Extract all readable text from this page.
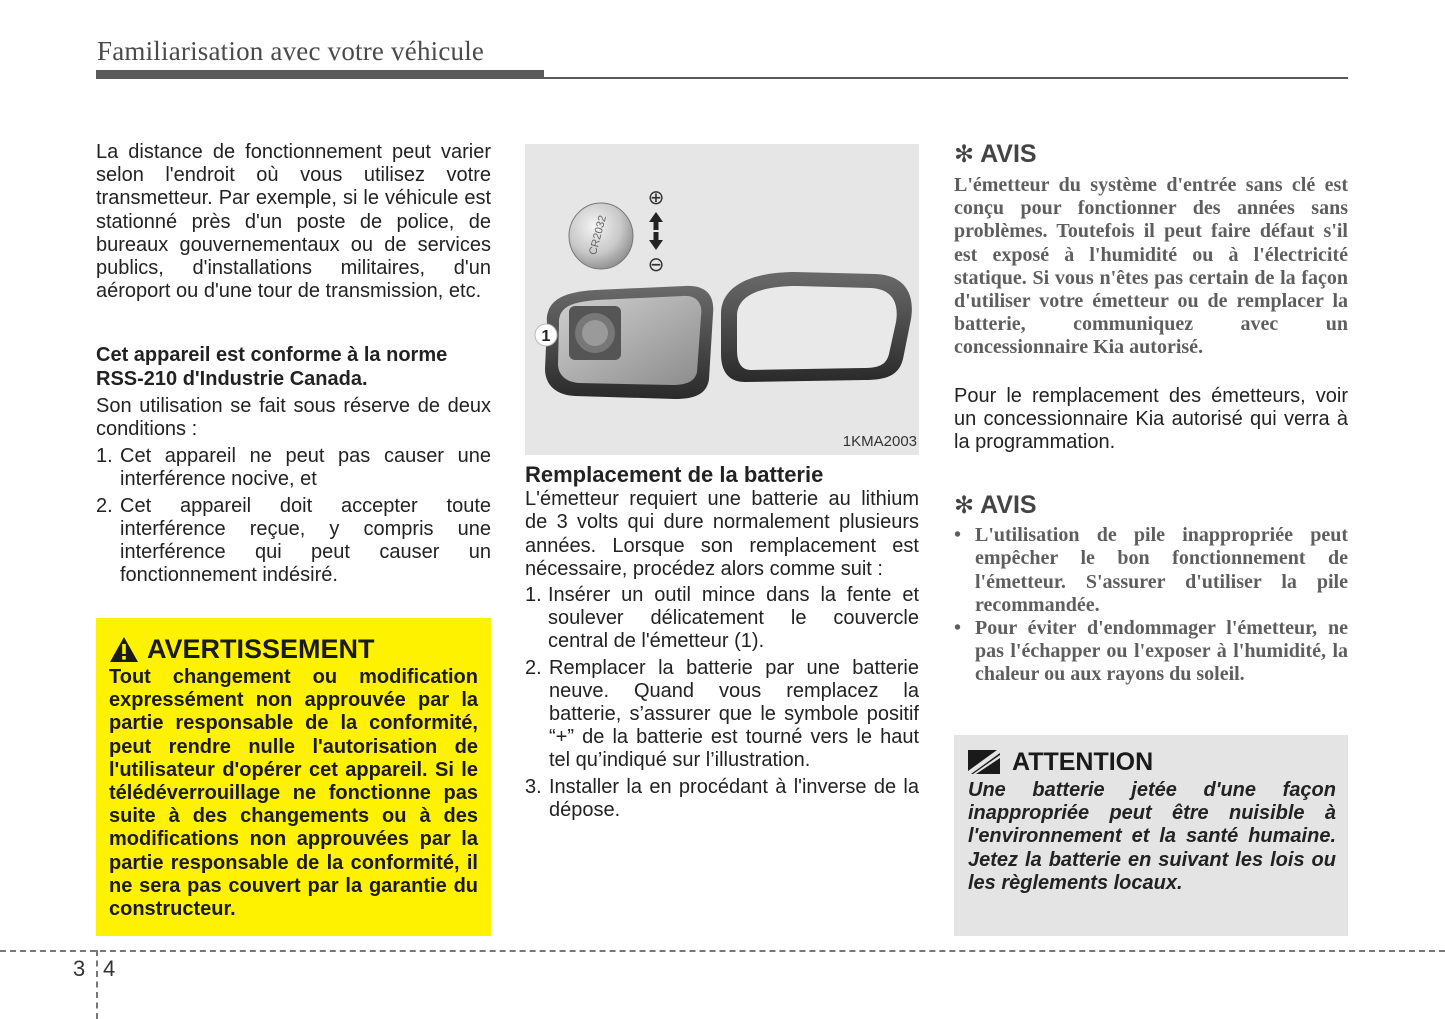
Familiarisation avec votre véhicule

La distance de fonctionnement peut varier selon l'endroit où vous utilisez votre transmetteur. Par exemple, si le véhicule est stationné près d'un poste de police, de bureaux gouvernementaux ou de services publics, d'installations militaires, d'un aéroport ou d'une tour de transmission, etc.

Cet appareil est conforme à la norme RSS-210 d'Industrie Canada.

Son utilisation se fait sous réserve de deux conditions :

1. Cet appareil ne peut pas causer une interférence nocive, et
2. Cet appareil doit accepter toute interférence reçue, y compris une interférence qui peut causer un fonctionnement indésiré.
AVERTISSEMENT
Tout changement ou modification expressément non approuvée par la partie responsable de la conformité, peut rendre nulle l'autorisation de l'utilisateur d'opérer cet appareil. Si le télédéverrouillage ne fonctionne pas suite à des changements ou à des modifications non approuvées par la partie responsable de la conformité, il ne sera pas couvert par la garantie du constructeur.
CR2032
⊕
⊖
1
1KMA2003
Remplacement de la batterie

L'émetteur requiert une batterie au lithium de 3 volts qui dure normalement plusieurs années. Lorsque son remplacement est nécessaire, procédez alors comme suit :

1. Insérer un outil mince dans la fente et soulever délicatement le couvercle central de l'émetteur (1).
2. Remplacer la batterie par une batterie neuve. Quand vous remplacez la batterie, s’assurer que le symbole positif “+” de la batterie est tourné vers le haut tel qu’indiqué sur l’illustration.
3. Installer la en procédant à l'inverse de la dépose.
✻ AVIS
L'émetteur du système d'entrée sans clé est conçu pour fonctionner des années sans problèmes. Toutefois il peut faire défaut s'il est exposé à l'humidité ou à l'électricité statique. Si vous n'êtes pas certain de la façon d'utiliser votre émetteur ou de remplacer la batterie, communiquez avec un concessionnaire Kia autorisé.

Pour le remplacement des émetteurs, voir un concessionnaire Kia autorisé qui verra à la programmation.

✻ AVIS
• L'utilisation de pile inappropriée peut empêcher le bon fonctionnement de l'émetteur. S'assurer d'utiliser la pile recommandée.
• Pour éviter d'endommager l'émetteur, ne pas l'échapper ou l'exposer à l'humidité, la chaleur ou aux rayons du soleil.
ATTENTION
Une batterie jetée d'une façon inappropriée peut être nuisible à l'environnement et la santé humaine. Jetez la batterie en suivant les lois ou les règlements locaux.
3 4
